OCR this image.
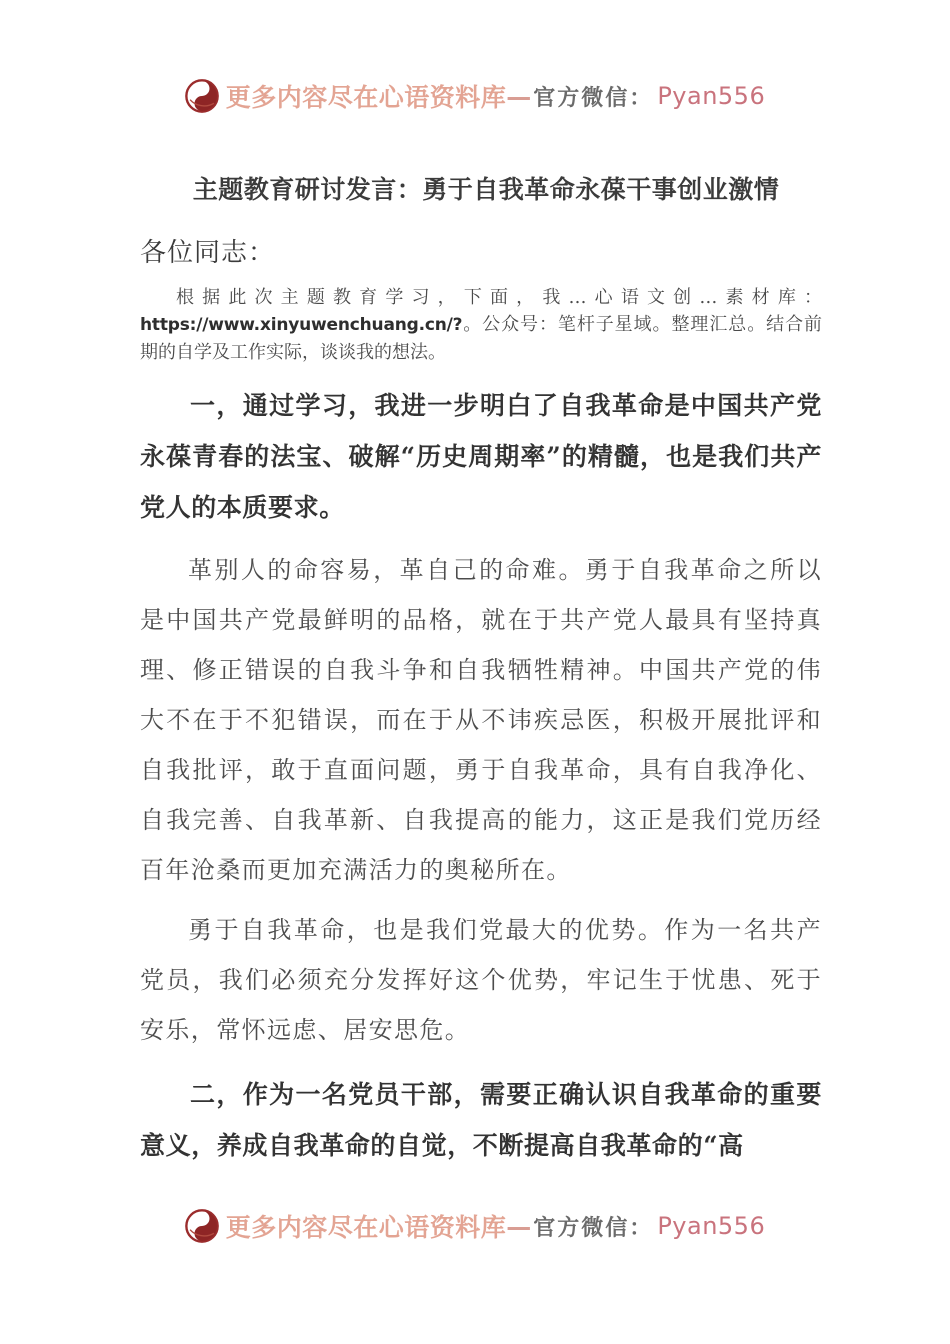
更多内容尽在心语资料库 — 官方微信： Pyan556
主题教育研讨发言：勇于自我革命永葆干事创业激情

各位同志：

根据此次主题教育学习，下面，我…心语文创…素材库：https://www.xinyuwenchuang.cn/?。公众号：笔杆子星域。整理汇总。结合前期的自学及工作实际，谈谈我的想法。

一，通过学习，我进一步明白了自我革命是中国共产党永葆青春的法宝、破解“历史周期率”的精髓，也是我们共产党人的本质要求。

革别人的命容易，革自己的命难。勇于自我革命之所以是中国共产党最鲜明的品格，就在于共产党人最具有坚持真理、修正错误的自我斗争和自我牺牲精神。中国共产党的伟大不在于不犯错误，而在于从不讳疾忌医，积极开展批评和自我批评，敢于直面问题，勇于自我革命，具有自我净化、自我完善、自我革新、自我提高的能力，这正是我们党历经百年沧桑而更加充满活力的奥秘所在。

勇于自我革命，也是我们党最大的优势。作为一名共产党员，我们必须充分发挥好这个优势，牢记生于忧患、死于安乐，常怀远虑、居安思危。

二，作为一名党员干部，需要正确认识自我革命的重要意义，养成自我革命的自觉，不断提高自我革命的“高
更多内容尽在心语资料库 — 官方微信： Pyan556
